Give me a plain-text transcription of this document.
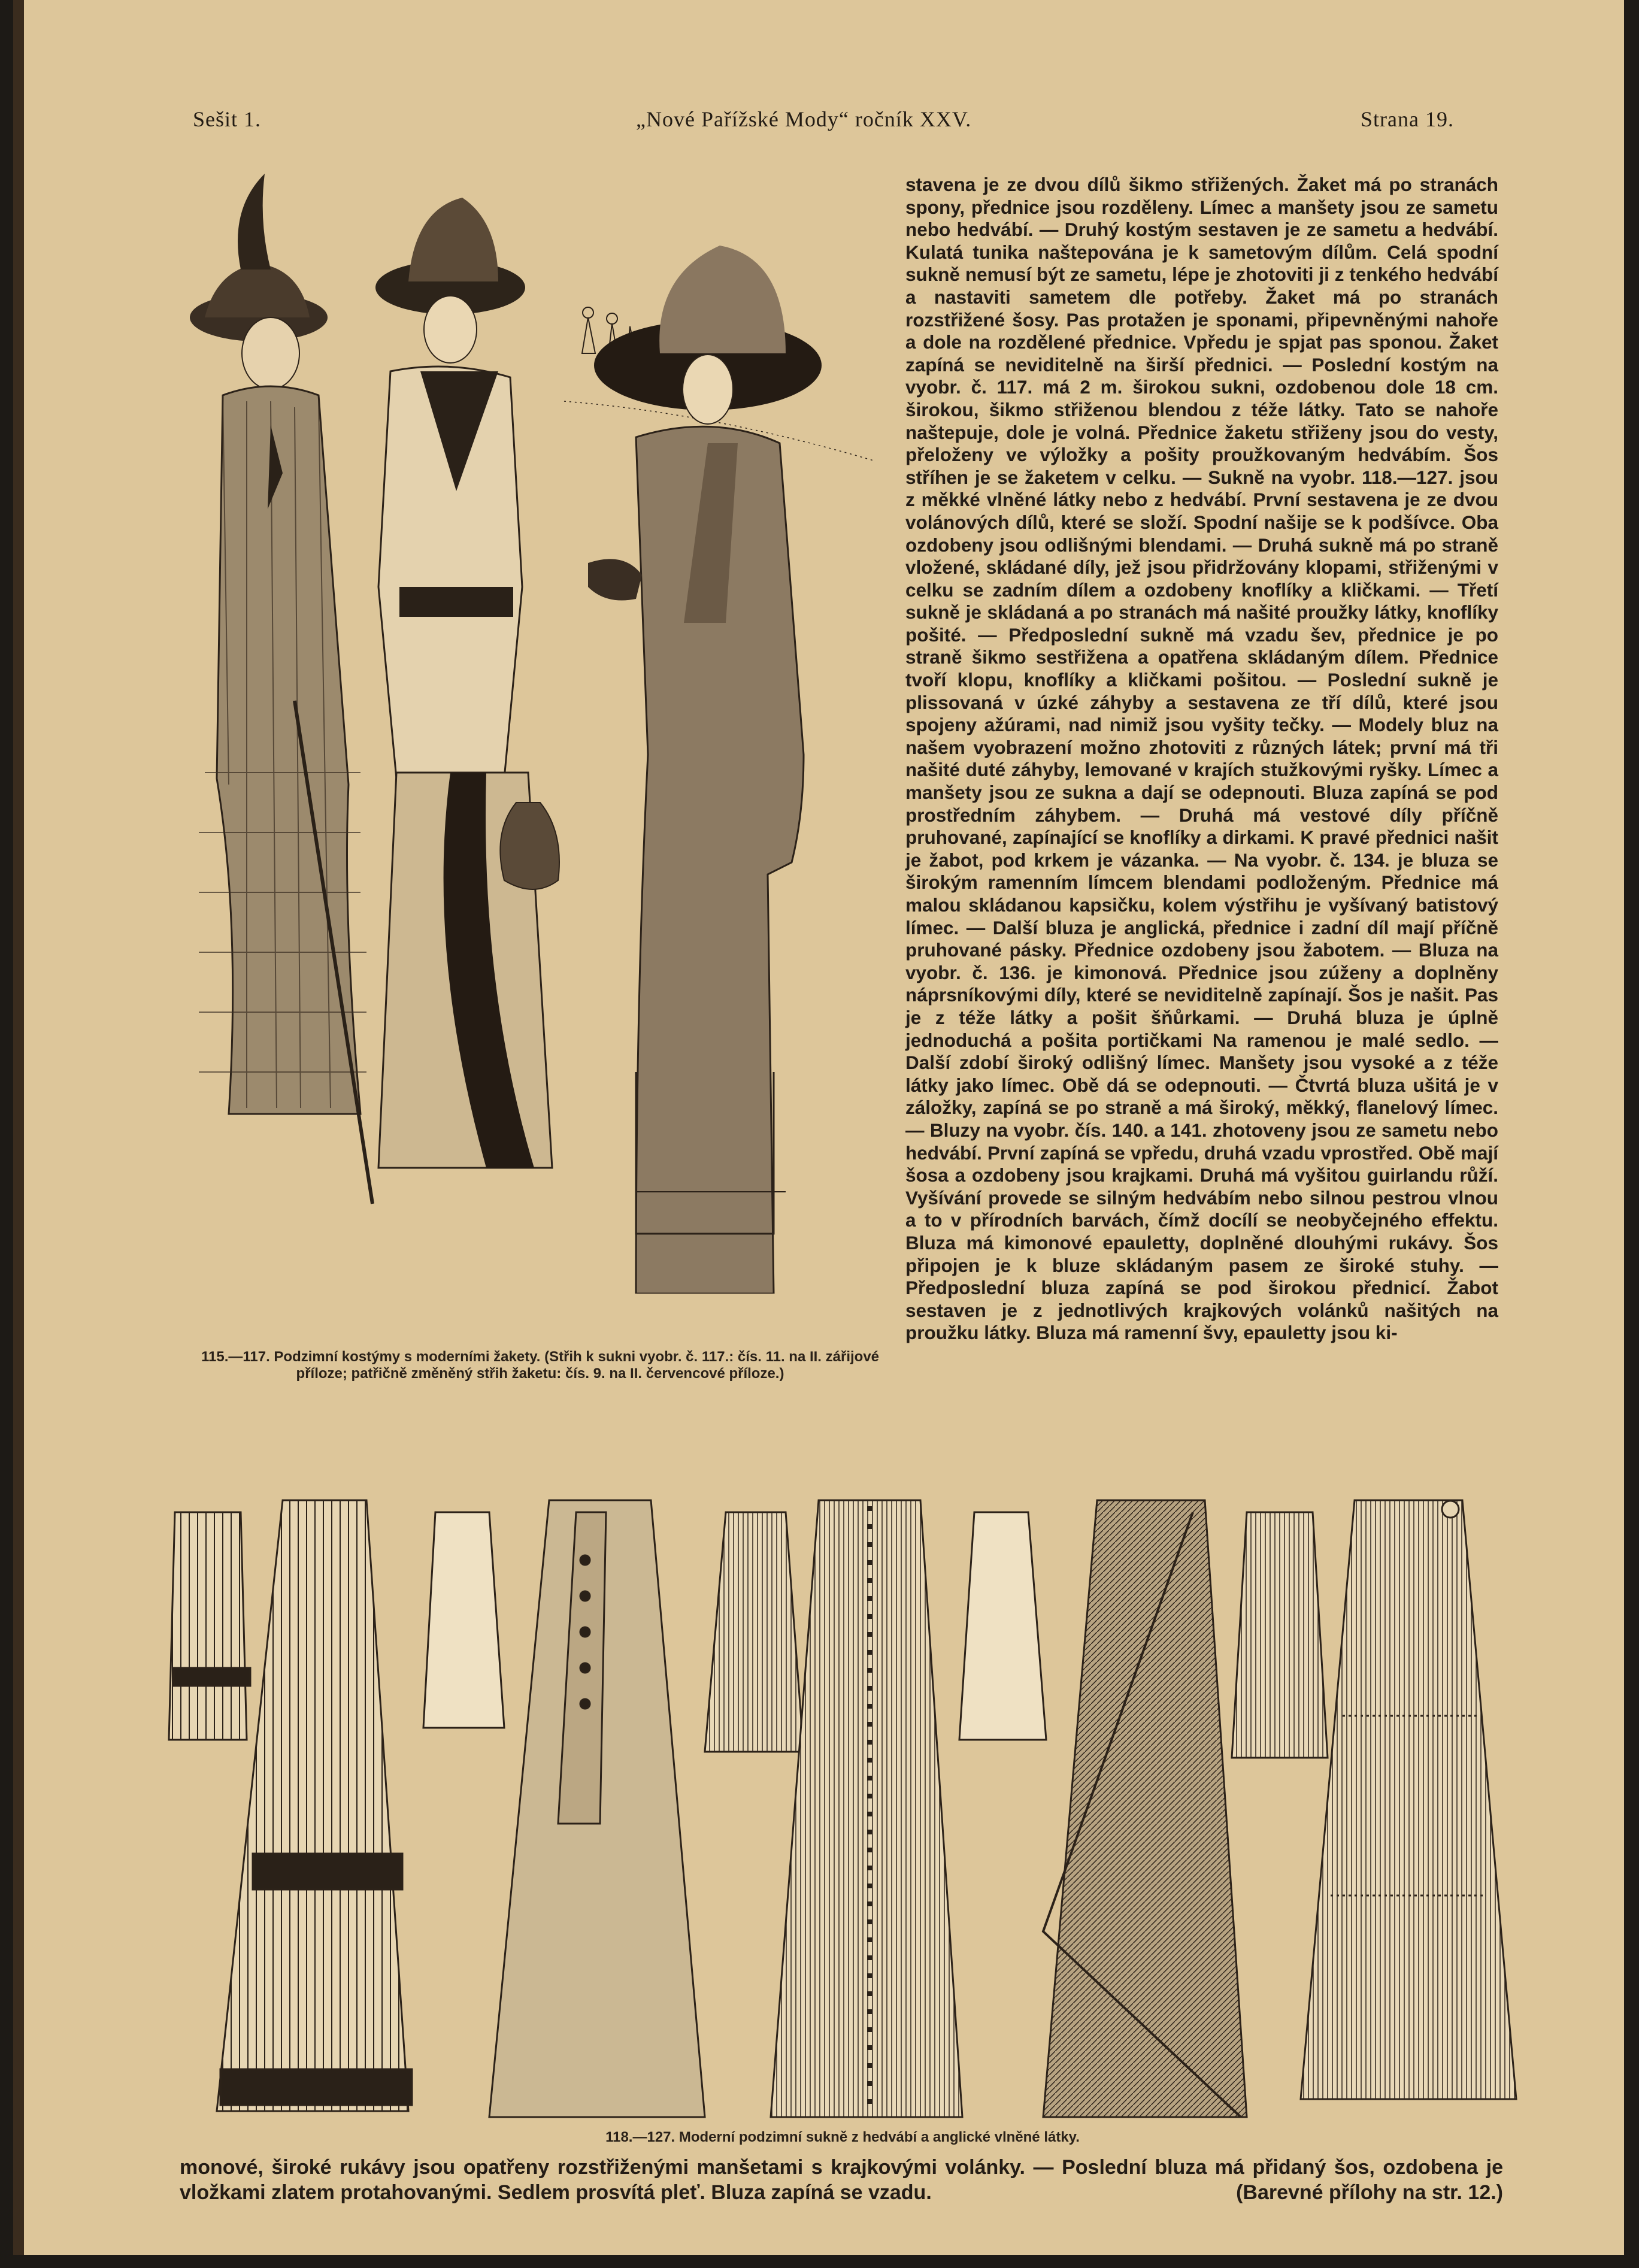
Sešit 1.	„Nové Pařížské Mody“ ročník XXV.	Strana 19.
115.—117. Podzimní kostýmy s moderními žakety. (Střih k sukni vyobr. č. 117.: čís. 11. na II. zářijové příloze; patřičně změněný střih žaketu: čís. 9. na II. červencové příloze.)

stavena je ze dvou dílů šikmo střižených. Žaket má po stranách spony, přednice jsou rozděleny. Límec a manšety jsou ze sametu nebo hedvábí. — Druhý kostým sestaven je ze sametu a hedvábí. Kulatá tunika naštepována je k sametovým dílům. Celá spodní sukně nemusí být ze sametu, lépe je zhotoviti ji z tenkého hedvábí a nastaviti sametem dle potřeby. Žaket má po stranách rozstřižené šosy. Pas protažen je sponami, připevněnými nahoře a dole na rozdělené přednice. Vpředu je spjat pas sponou. Žaket zapíná se neviditelně na širší přednici. — Poslední kostým na vyobr. č. 117. má 2 m. širokou sukni, ozdobenou dole 18 cm. širokou, šikmo střiženou blendou z téže látky. Tato se nahoře naštepuje, dole je volná. Přednice žaketu střiženy jsou do vesty, přeloženy ve výložky a pošity proužkovaným hedvábím. Šos stříhen je se žaketem v celku. — Sukně na vyobr. 118.—127. jsou z měkké vlněné látky nebo z hedvábí. První sestavena je ze dvou volánových dílů, které se složí. Spodní našije se k podšívce. Oba ozdobeny jsou odlišnými blendami. — Druhá sukně má po straně vložené, skládané díly, jež jsou přidržovány klopami, střiženými v celku se zadním dílem a ozdobeny knoflíky a kličkami. — Třetí sukně je skládaná a po stranách má našité proužky látky, knoflíky pošité. — Předposlední sukně má vzadu šev, přednice je po straně šikmo sestřižena a opatřena skládaným dílem. Přednice tvoří klopu, knoflíky a kličkami pošitou. — Poslední sukně je plissovaná v úzké záhyby a sestavena ze tří dílů, které jsou spojeny ažúrami, nad nimiž jsou vyšity tečky. — Modely bluz na našem vyobrazení možno zhotoviti z různých látek; první má tři našité duté záhyby, lemované v krajích stužkovými ryškу. Límec a manšety jsou ze sukna a dají se odepnouti. Bluza zapíná se pod prostředním záhybem. — Druhá má vestové díly příčně pruhované, zapínající se knoflíky a dirkami. K pravé přednici našit je žabot, pod krkem je vázanka. — Na vyobr. č. 134. je bluza se širokým ramenním límcem blendami podloženým. Přednice má malou skládanou kapsičku, kolem výstřihu je vyšívaný batistový límec. — Další bluza je anglická, přednice i zadní díl mají příčně pruhované pásky. Přednice ozdobeny jsou žabotem. — Bluza na vyobr. č. 136. je kimonová. Přednice jsou zúženy a doplněny náprsníkovými díly, které se neviditelně zapínají. Šos je našit. Pas je z téže látky a pošit šňůrkami. — Druhá bluza je úplně jednoduchá a pošita portičkami Na ramenou je malé sedlo. — Další zdobí široký odlišný límec. Manšety jsou vysoké a z téže látky jako límec. Obě dá se odepnouti. — Čtvrtá bluza ušitá je v záložky, zapíná se po straně a má široký, měkký, flanelový límec. — Bluzy na vyobr. čís. 140. a 141. zhotoveny jsou ze sametu nebo hedvábí. První zapíná se vpředu, druhá vzadu vprostřed. Obě mají šosa a ozdobeny jsou krajkami. Druhá má vyšitou guirlandu růží. Vyšívání provede se silným hedvábím nebo silnou pestrou vlnou a to v přírodních barvách, čímž docílí se neobyčejného effektu. Bluza má kimonové epauletty, doplněné dlouhými rukávy. Šos připojen je k bluze skládaným pasem ze široké stuhy. — Předposlední bluza zapíná se pod širokou přednicí. Žabot sestaven je z jednotlivých krajkových volánků našitých na proužku látky. Bluza má ramenní švy, epauletty jsou ki-

118.—127. Moderní podzimní sukně z hedvábí a anglické vlněné látky.
monové, široké rukávy jsou opatřeny rozstřiženými manšetami s krajkovými volánky. — Poslední bluza má přidaný šos, ozdobena je vložkami zlatem protahovanými. Sedlem prosvítá pleť. Bluza zapíná se vzadu.	(Barevné přílohy na str. 12.)
